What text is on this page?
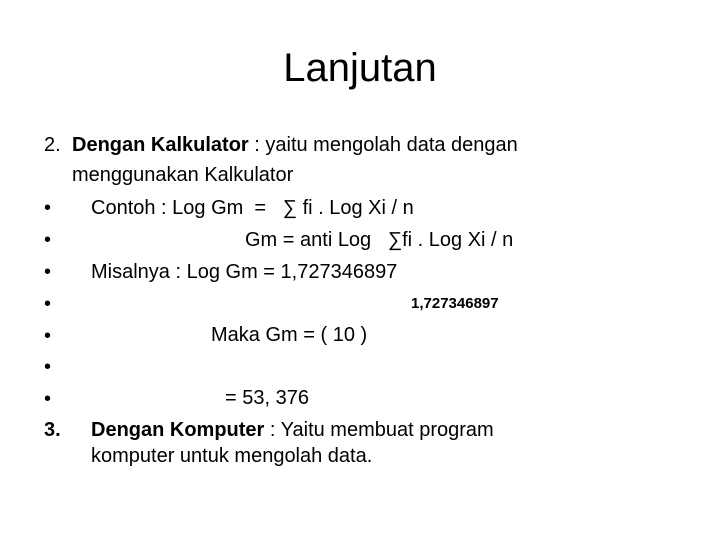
Lanjutan
2. Dengan Kalkulator : yaitu mengolah data dengan
menggunakan Kalkulator
• Contoh : Log Gm  =   ∑ fi . Log Xi / n
•	Gm = anti Log   ∑fi . Log Xi / n
• Misalnya : Log Gm = 1,727346897
•	1,727346897
•	Maka Gm = ( 10 )
•
•	= 53, 376
3. Dengan Komputer : Yaitu membuat program
komputer untuk mengolah data.
